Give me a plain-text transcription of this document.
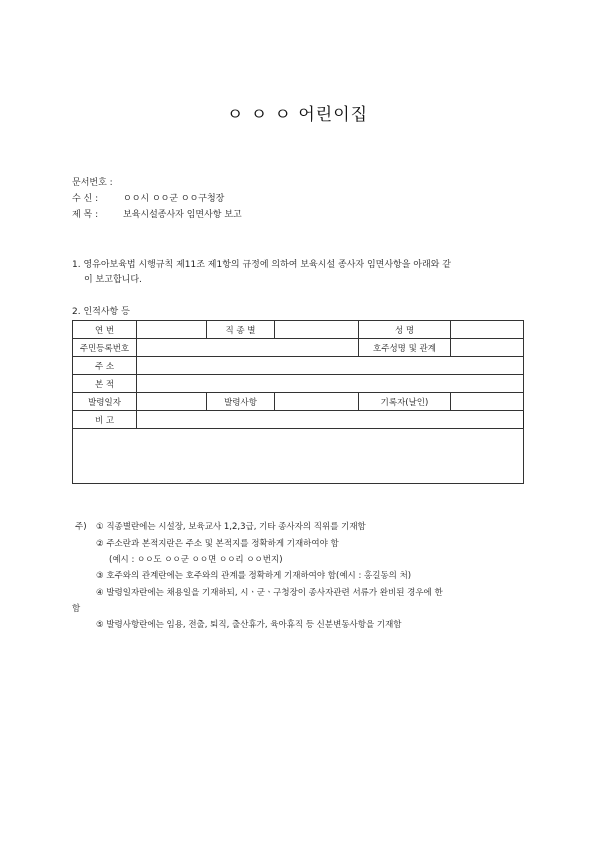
ㅇ ㅇ ㅇ 어린이집
문서번호 :
수 신 :	ㅇㅇ시 ㅇㅇ군 ㅇㅇ구청장
제 목 :	보육시설종사자 임면사항 보고
1. 영유아보육법 시행규칙 제11조 제1항의 규정에 의하여 보육시설 종사자 임면사항을 아래와 같
이 보고합니다.
2. 인적사항 등
연 번		직 종 별		성 명	
주민등록번호				호주성명 및 관계	
주 소					
본 적					
발령일자		발령사항		기록자(날인)	
비 고					

주) ① 직종별란에는 시설장, 보육교사 1,2,3급, 기타 종사자의 직위를 기재함
② 주소란과 본적지란은 주소 및 본적지를 정확하게 기재하여야 함
(예시 : ㅇㅇ도 ㅇㅇ군 ㅇㅇ면 ㅇㅇ리 ㅇㅇ번지)
③ 호주와의 관계란에는 호주와의 관계를 정확하게 기재하여야 함(예시 : 홍길동의 처)
④ 발령일자란에는 채용일을 기재하되, 시ㆍ군ㆍ구청장이 종사자관련 서류가 완비된 경우에 한
함
⑤ 발령사항란에는 임용, 전출, 퇴직, 출산휴가, 육아휴직 등 신분변동사항을 기재함
